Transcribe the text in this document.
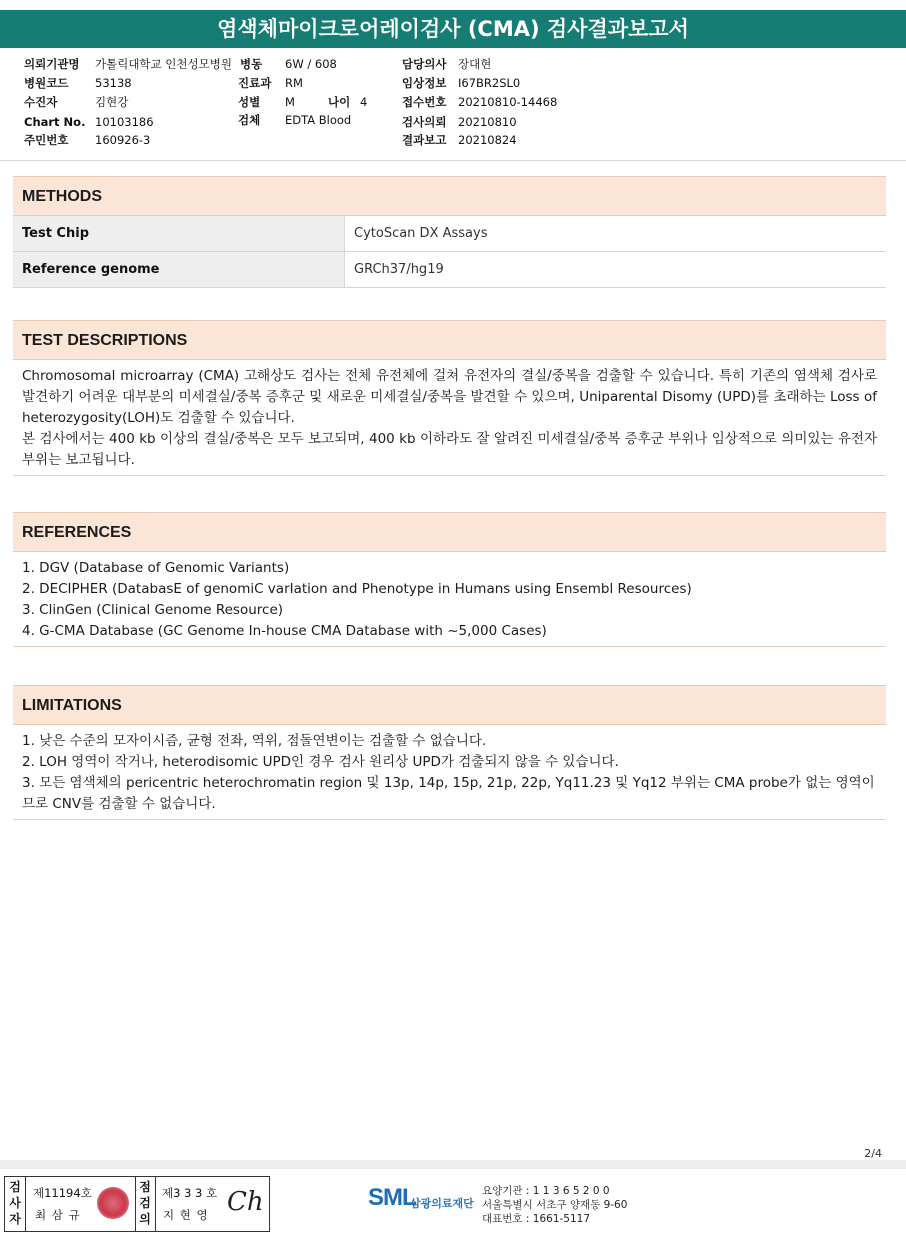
염색체마이크로어레이검사 (CMA) 검사결과보고서
의뢰기관명 가톨릭대학교 인천성모병원
병원코드 53138
수진자	김현강
Chart No. 10103186
주민번호 160926-3
병동 6W / 608
진료과 RM
성별 M	나이 4
검체 EDTA Blood
담당의사 장대현
임상정보 I67BR2SL0
접수번호 20210810-14468
검사의뢰 20210810
결과보고 20210824
METHODS
Test Chip	CytoScan DX Assays
Reference genome	GRCh37/hg19
TEST DESCRIPTIONS

Chromosomal microarray (CMA) 고해상도 검사는 전체 유전체에 걸쳐 유전자의 결실/중복을 검출할 수 있습니다. 특히 기존의 염색체 검사로 발견하기 어려운 대부분의 미세결실/중복 증후군 및 새로운 미세결실/중복을 발견할 수 있으며, Uniparental Disomy (UPD)를 초래하는 Loss of heterozygosity(LOH)도 검출할 수 있습니다.

본 검사에서는 400 kb 이상의 결실/중복은 모두 보고되며, 400 kb 이하라도 잘 알려진 미세결실/중복 증후군 부위나 임상적으로 의미있는 유전자 부위는 보고됩니다.

REFERENCES

1. DGV (Database of Genomic Variants)

2. DECIPHER (DatabasE of genomiC varIation and Phenotype in Humans using Ensembl Resources)

3. ClinGen (Clinical Genome Resource)

4. G-CMA Database (GC Genome In-house CMA Database with ~5,000 Cases)

LIMITATIONS

1. 낮은 수준의 모자이시즘, 균형 전좌, 역위, 점돌연변이는 검출할 수 없습니다.

2. LOH 영역이 작거나, heterodisomic UPD인 경우 검사 원리상 UPD가 검출되지 않을 수 있습니다.

3. 모든 염색체의 pericentric heterochromatin region 및 13p, 14p, 15p, 21p, 22p, Yq11.23 및 Yq12 부위는 CMA probe가 없는 영역이므로 CNV를 검출할 수 없습니다.

2/4
검사자
제11194호
최 삼 규
점검의
제3 3 3 호
지 현 영 Ch	SML
삼광의료재단
요양기관 : 1 1 3 6 5 2 0 0
서울특별시 서초구 양재동 9-60
대표번호 : 1661-5117
